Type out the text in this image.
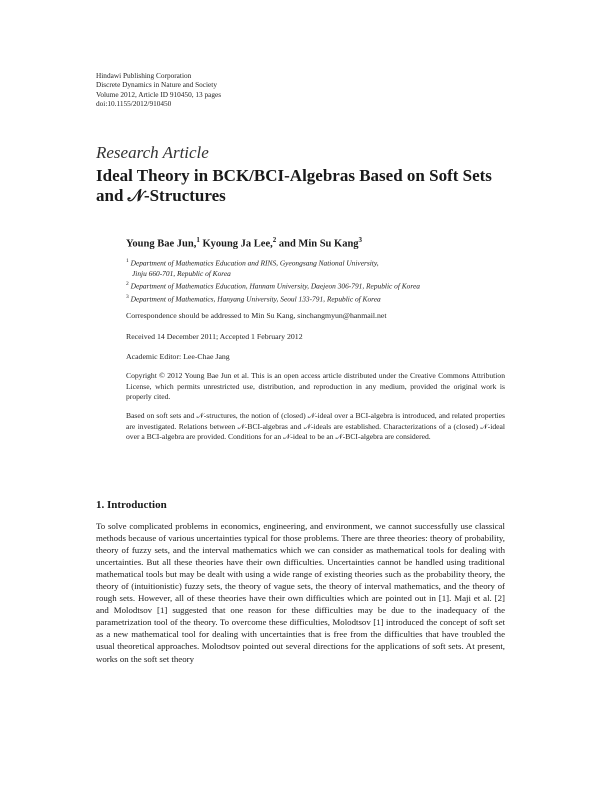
Hindawi Publishing Corporation
Discrete Dynamics in Nature and Society
Volume 2012, Article ID 910450, 13 pages
doi:10.1155/2012/910450
Research Article
Ideal Theory in BCK/BCI-Algebras Based on Soft Sets and 𝒩-Structures
Young Bae Jun,$^1$ Kyoung Ja Lee,$^2$ and Min Su Kang$^3$
$^1$ Department of Mathematics Education and RINS, Gyeongsang National University,
Jinju 660-701, Republic of Korea
$^2$ Department of Mathematics Education, Hannam University, Daejeon 306-791, Republic of Korea
$^3$ Department of Mathematics, Hanyang University, Seoul 133-791, Republic of Korea
Correspondence should be addressed to Min Su Kang, sinchangmyun@hanmail.net
Received 14 December 2011; Accepted 1 February 2012
Academic Editor: Lee-Chae Jang
Copyright © 2012 Young Bae Jun et al. This is an open access article distributed under the Creative Commons Attribution License, which permits unrestricted use, distribution, and reproduction in any medium, provided the original work is properly cited.
Based on soft sets and 𝒩-structures, the notion of (closed) 𝒩-ideal over a BCI-algebra is introduced, and related properties are investigated. Relations between 𝒩-BCI-algebras and 𝒩-ideals are established. Characterizations of a (closed) 𝒩-ideal over a BCI-algebra are provided. Conditions for an 𝒩-ideal to be an 𝒩-BCI-algebra are considered.
1. Introduction
To solve complicated problems in economics, engineering, and environment, we cannot successfully use classical methods because of various uncertainties typical for those problems. There are three theories: theory of probability, theory of fuzzy sets, and the interval mathematics which we can consider as mathematical tools for dealing with uncertainties. But all these theories have their own difficulties. Uncertainties cannot be handled using traditional mathematical tools but may be dealt with using a wide range of existing theories such as the probability theory, the theory of (intuitionistic) fuzzy sets, the theory of vague sets, the theory of interval mathematics, and the theory of rough sets. However, all of these theories have their own difficulties which are pointed out in [1]. Maji et al. [2] and Molodtsov [1] suggested that one reason for these difficulties may be due to the inadequacy of the parametrization tool of the theory. To overcome these difficulties, Molodtsov [1] introduced the concept of soft set as a new mathematical tool for dealing with uncertainties that is free from the difficulties that have troubled the usual theoretical approaches. Molodtsov pointed out several directions for the applications of soft sets. At present, works on the soft set theory
